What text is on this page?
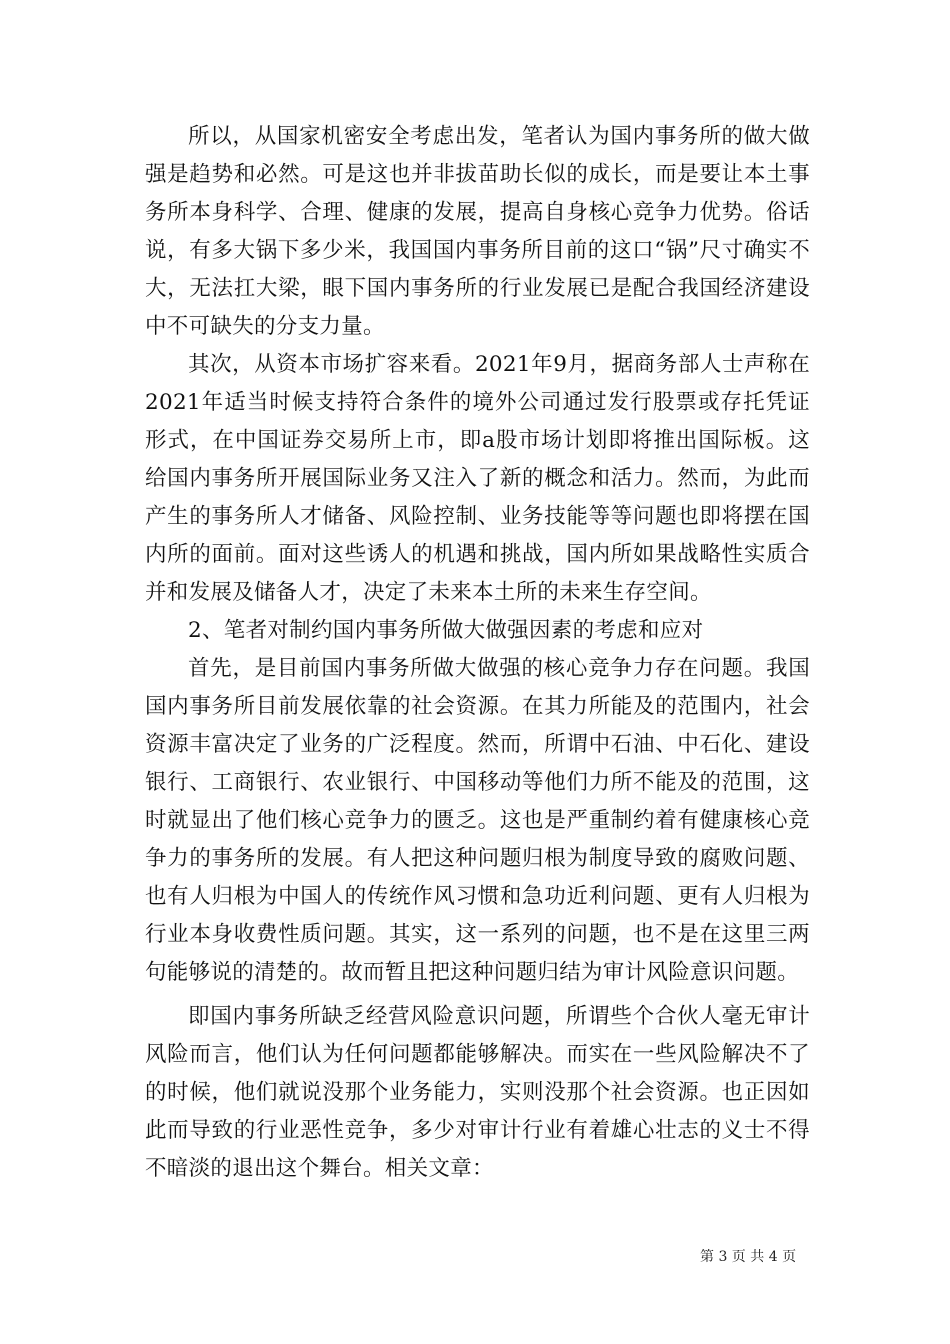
所以，从国家机密安全考虑出发，笔者认为国内事务所的做大做强是趋势和必然。可是这也并非拔苗助长似的成长，而是要让本土事务所本身科学、合理、健康的发展，提高自身核心竞争力优势。俗话说，有多大锅下多少米，我国国内事务所目前的这口“锅”尺寸确实不大，无法扛大梁，眼下国内事务所的行业发展已是配合我国经济建设中不可缺失的分支力量。

其次，从资本市场扩容来看。2021年9月，据商务部人士声称在2021年适当时候支持符合条件的境外公司通过发行股票或存托凭证形式，在中国证券交易所上市，即a股市场计划即将推出国际板。这给国内事务所开展国际业务又注入了新的概念和活力。然而，为此而产生的事务所人才储备、风险控制、业务技能等等问题也即将摆在国内所的面前。面对这些诱人的机遇和挑战，国内所如果战略性实质合并和发展及储备人才，决定了未来本土所的未来生存空间。

2、笔者对制约国内事务所做大做强因素的考虑和应对

首先，是目前国内事务所做大做强的核心竞争力存在问题。我国国内事务所目前发展依靠的社会资源。在其力所能及的范围内，社会资源丰富决定了业务的广泛程度。然而，所谓中石油、中石化、建设银行、工商银行、农业银行、中国移动等他们力所不能及的范围，这时就显出了他们核心竞争力的匮乏。这也是严重制约着有健康核心竞争力的事务所的发展。有人把这种问题归根为制度导致的腐败问题、也有人归根为中国人的传统作风习惯和急功近利问题、更有人归根为行业本身收费性质问题。其实，这一系列的问题，也不是在这里三两句能够说的清楚的。故而暂且把这种问题归结为审计风险意识问题。

即国内事务所缺乏经营风险意识问题，所谓些个合伙人毫无审计风险而言，他们认为任何问题都能够解决。而实在一些风险解决不了的时候，他们就说没那个业务能力，实则没那个社会资源。也正因如此而导致的行业恶性竞争，多少对审计行业有着雄心壮志的义士不得不暗淡的退出这个舞台。相关文章：

第 3 页 共 4 页
